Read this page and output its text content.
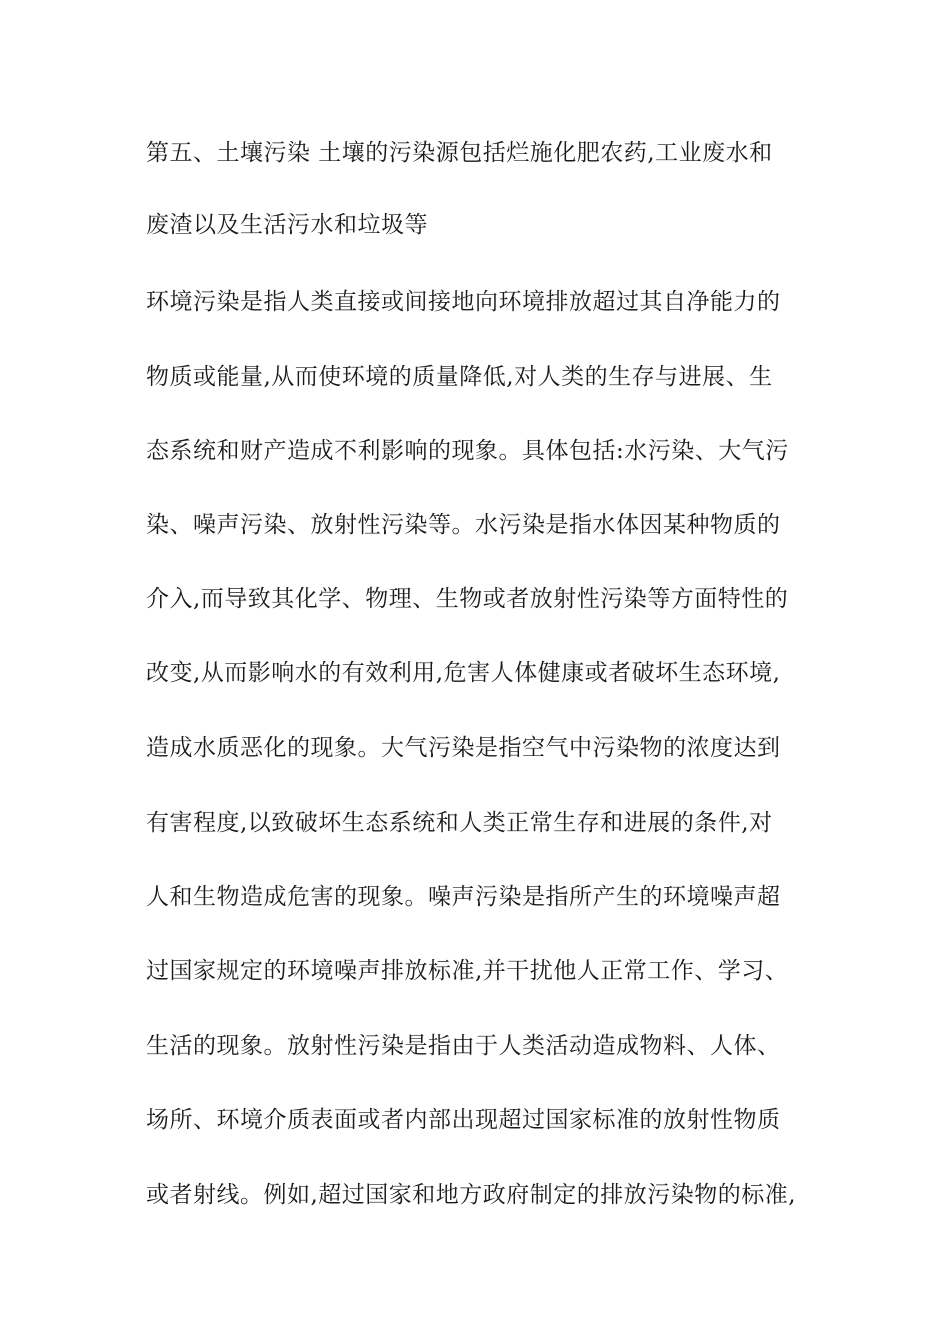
第五、土壤污染 土壤的污染源包括烂施化肥农药,工业废水和
废渣以及生活污水和垃圾等
环境污染是指人类直接或间接地向环境排放超过其自净能力的
物质或能量,从而使环境的质量降低,对人类的生存与进展、生
态系统和财产造成不利影响的现象。具体包括:水污染、大气污
染、噪声污染、放射性污染等。水污染是指水体因某种物质的
介入,而导致其化学、物理、生物或者放射性污染等方面特性的
改变,从而影响水的有效利用,危害人体健康或者破坏生态环境,
造成水质恶化的现象。大气污染是指空气中污染物的浓度达到
有害程度,以致破坏生态系统和人类正常生存和进展的条件,对
人和生物造成危害的现象。噪声污染是指所产生的环境噪声超
过国家规定的环境噪声排放标准,并干扰他人正常工作、学习、
生活的现象。放射性污染是指由于人类活动造成物料、人体、
场所、环境介质表面或者内部出现超过国家标准的放射性物质
或者射线。例如,超过国家和地方政府制定的排放污染物的标准,
